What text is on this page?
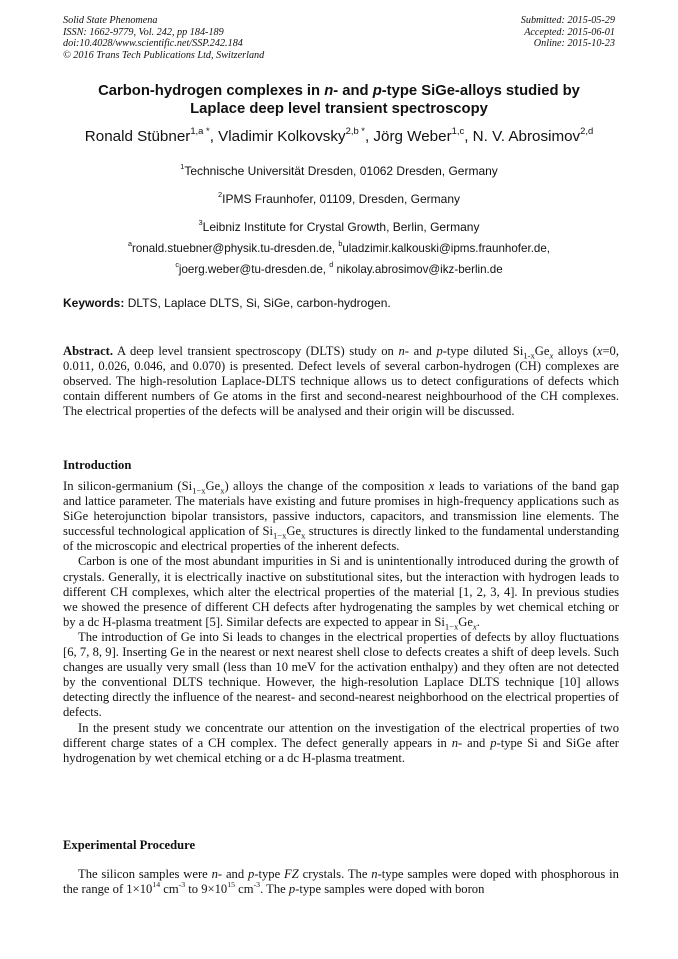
Solid State Phenomena
ISSN: 1662-9779, Vol. 242, pp 184-189
doi:10.4028/www.scientific.net/SSP.242.184
© 2016 Trans Tech Publications Ltd, Switzerland
Submitted: 2015-05-29
Accepted: 2015-06-01
Online: 2015-10-23
Carbon-hydrogen complexes in n- and p-type SiGe-alloys studied by
Laplace deep level transient spectroscopy
Ronald Stübner$^{1,a *}$, Vladimir Kolkovsky$^{2,b *}$, Jörg Weber$^{1,c}$, N. V. Abrosimov$^{2,d}$
$^1$Technische Universität Dresden, 01062 Dresden, Germany
$^2$IPMS Fraunhofer, 01109, Dresden, Germany
$^3$Leibniz Institute for Crystal Growth, Berlin, Germany
$^a$ronald.stuebner@physik.tu-dresden.de, $^b$uladzimir.kalkouski@ipms.fraunhofer.de,
$^c$joerg.weber@tu-dresden.de, $^d$ nikolay.abrosimov@ikz-berlin.de
Keywords: DLTS, Laplace DLTS, Si, SiGe, carbon-hydrogen.

Abstract. A deep level transient spectroscopy (DLTS) study on n- and p-type diluted $Si_{1-x}Ge_x$ alloys (x=0, 0.011, 0.026, 0.046, and 0.070) is presented. Defect levels of several carbon-hydrogen (CH) complexes are observed. The high-resolution Laplace-DLTS technique allows us to detect configurations of defects which contain different numbers of Ge atoms in the first and second-nearest neighbourhood of the CH complexes. The electrical properties of the defects will be analysed and their origin will be discussed.

Introduction

In silicon-germanium $(Si_{1-x}Ge_x)$ alloys the change of the composition x leads to variations of the band gap and lattice parameter. The materials have existing and future promises in high-frequency applications such as SiGe heterojunction bipolar transistors, passive inductors, capacitors, and transmission line elements. The successful technological application of $Si_{1-x}Ge_x$ structures is directly linked to the fundamental understanding of the microscopic and electrical properties of the inherent defects.

Carbon is one of the most abundant impurities in Si and is unintentionally introduced during the growth of crystals. Generally, it is electrically inactive on substitutional sites, but the interaction with hydrogen leads to different CH complexes, which alter the electrical properties of the material [1, 2, 3, 4]. In previous studies we showed the presence of different CH defects after hydrogenating the samples by wet chemical etching or by a dc H-plasma treatment [5]. Similar defects are expected to appear in $Si_{1-x}Ge_x$.

The introduction of Ge into Si leads to changes in the electrical properties of defects by alloy fluctuations [6, 7, 8, 9]. Inserting Ge in the nearest or next nearest shell close to defects creates a shift of deep levels. Such changes are usually very small (less than 10 meV for the activation enthalpy) and they often are not detected by the conventional DLTS technique. However, the high-resolution Laplace DLTS technique [10] allows detecting directly the influence of the nearest- and second-nearest neighborhood on the electrical properties of defects.

In the present study we concentrate our attention on the investigation of the electrical properties of two different charge states of a CH complex. The defect generally appears in n- and p-type Si and SiGe after hydrogenation by wet chemical etching or a dc H-plasma treatment.

Experimental Procedure

The silicon samples were n- and p-type FZ crystals. The n-type samples were doped with phosphorous in the range of $1\times 10^{14}$ $cm^{-3}$ to $9\times 10^{15}$ $cm^{-3}$. The p-type samples were doped with boron
